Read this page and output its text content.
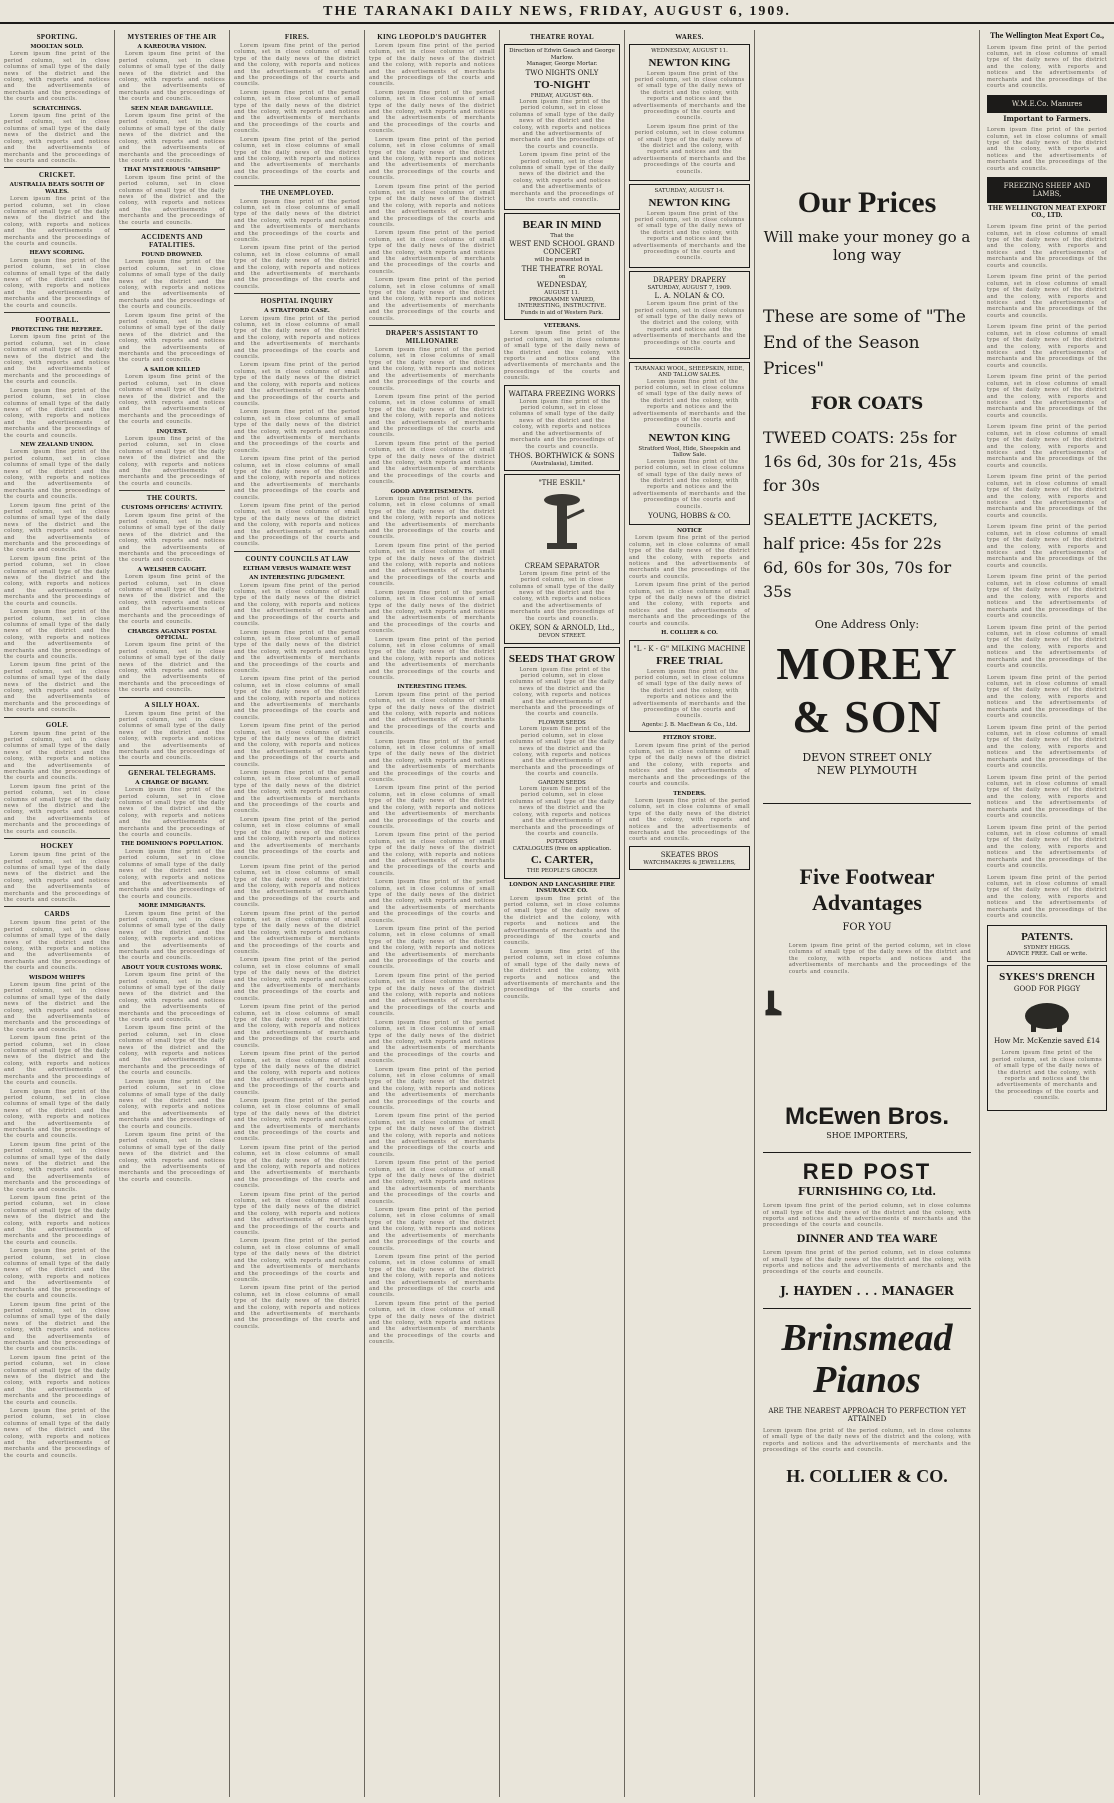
THE TARANAKI DAILY NEWS, FRIDAY, AUGUST 6, 1909.
SPORTING.
MOOLTAN SOLD.

Lorem ipsum fine print of the period column, set in close columns of small type of the daily news of the district and the colony, with reports and notices and the advertisements of merchants and the proceedings of the courts and councils.

SCRATCHINGS.

Lorem ipsum fine print of the period column, set in close columns of small type of the daily news of the district and the colony, with reports and notices and the advertisements of merchants and the proceedings of the courts and councils.

CRICKET.
AUSTRALIA BEATS SOUTH OF WALES.

Lorem ipsum fine print of the period column, set in close columns of small type of the daily news of the district and the colony, with reports and notices and the advertisements of merchants and the proceedings of the courts and councils.

HEAVY SCORING.

Lorem ipsum fine print of the period column, set in close columns of small type of the daily news of the district and the colony, with reports and notices and the advertisements of merchants and the proceedings of the courts and councils.

FOOTBALL.
PROTECTING THE REFEREE.

Lorem ipsum fine print of the period column, set in close columns of small type of the daily news of the district and the colony, with reports and notices and the advertisements of merchants and the proceedings of the courts and councils.

Lorem ipsum fine print of the period column, set in close columns of small type of the daily news of the district and the colony, with reports and notices and the advertisements of merchants and the proceedings of the courts and councils.

NEW ZEALAND UNION.

Lorem ipsum fine print of the period column, set in close columns of small type of the daily news of the district and the colony, with reports and notices and the advertisements of merchants and the proceedings of the courts and councils.

Lorem ipsum fine print of the period column, set in close columns of small type of the daily news of the district and the colony, with reports and notices and the advertisements of merchants and the proceedings of the courts and councils.

Lorem ipsum fine print of the period column, set in close columns of small type of the daily news of the district and the colony, with reports and notices and the advertisements of merchants and the proceedings of the courts and councils.

Lorem ipsum fine print of the period column, set in close columns of small type of the daily news of the district and the colony, with reports and notices and the advertisements of merchants and the proceedings of the courts and councils.

Lorem ipsum fine print of the period column, set in close columns of small type of the daily news of the district and the colony, with reports and notices and the advertisements of merchants and the proceedings of the courts and councils.

GOLF.

Lorem ipsum fine print of the period column, set in close columns of small type of the daily news of the district and the colony, with reports and notices and the advertisements of merchants and the proceedings of the courts and councils.

Lorem ipsum fine print of the period column, set in close columns of small type of the daily news of the district and the colony, with reports and notices and the advertisements of merchants and the proceedings of the courts and councils.

HOCKEY

Lorem ipsum fine print of the period column, set in close columns of small type of the daily news of the district and the colony, with reports and notices and the advertisements of merchants and the proceedings of the courts and councils.

CARDS

Lorem ipsum fine print of the period column, set in close columns of small type of the daily news of the district and the colony, with reports and notices and the advertisements of merchants and the proceedings of the courts and councils.

WISDOM WHIFFS

Lorem ipsum fine print of the period column, set in close columns of small type of the daily news of the district and the colony, with reports and notices and the advertisements of merchants and the proceedings of the courts and councils.

Lorem ipsum fine print of the period column, set in close columns of small type of the daily news of the district and the colony, with reports and notices and the advertisements of merchants and the proceedings of the courts and councils.

Lorem ipsum fine print of the period column, set in close columns of small type of the daily news of the district and the colony, with reports and notices and the advertisements of merchants and the proceedings of the courts and councils.

Lorem ipsum fine print of the period column, set in close columns of small type of the daily news of the district and the colony, with reports and notices and the advertisements of merchants and the proceedings of the courts and councils.

Lorem ipsum fine print of the period column, set in close columns of small type of the daily news of the district and the colony, with reports and notices and the advertisements of merchants and the proceedings of the courts and councils.

Lorem ipsum fine print of the period column, set in close columns of small type of the daily news of the district and the colony, with reports and notices and the advertisements of merchants and the proceedings of the courts and councils.

Lorem ipsum fine print of the period column, set in close columns of small type of the daily news of the district and the colony, with reports and notices and the advertisements of merchants and the proceedings of the courts and councils.

Lorem ipsum fine print of the period column, set in close columns of small type of the daily news of the district and the colony, with reports and notices and the advertisements of merchants and the proceedings of the courts and councils.

Lorem ipsum fine print of the period column, set in close columns of small type of the daily news of the district and the colony, with reports and notices and the advertisements of merchants and the proceedings of the courts and councils.

MYSTERIES OF THE AIR
A KAREOURA VISION.

Lorem ipsum fine print of the period column, set in close columns of small type of the daily news of the district and the colony, with reports and notices and the advertisements of merchants and the proceedings of the courts and councils.

SEEN NEAR DARGAVILLE.

Lorem ipsum fine print of the period column, set in close columns of small type of the daily news of the district and the colony, with reports and notices and the advertisements of merchants and the proceedings of the courts and councils.

THAT MYSTERIOUS "AIRSHIP"

Lorem ipsum fine print of the period column, set in close columns of small type of the daily news of the district and the colony, with reports and notices and the advertisements of merchants and the proceedings of the courts and councils.

ACCIDENTS AND FATALITIES.
FOUND DROWNED.

Lorem ipsum fine print of the period column, set in close columns of small type of the daily news of the district and the colony, with reports and notices and the advertisements of merchants and the proceedings of the courts and councils.

Lorem ipsum fine print of the period column, set in close columns of small type of the daily news of the district and the colony, with reports and notices and the advertisements of merchants and the proceedings of the courts and councils.

A SAILOR KILLED

Lorem ipsum fine print of the period column, set in close columns of small type of the daily news of the district and the colony, with reports and notices and the advertisements of merchants and the proceedings of the courts and councils.

INQUEST.

Lorem ipsum fine print of the period column, set in close columns of small type of the daily news of the district and the colony, with reports and notices and the advertisements of merchants and the proceedings of the courts and councils.

THE COURTS.
CUSTOMS OFFICERS' ACTIVITY.

Lorem ipsum fine print of the period column, set in close columns of small type of the daily news of the district and the colony, with reports and notices and the advertisements of merchants and the proceedings of the courts and councils.

A WELSHER CAUGHT.

Lorem ipsum fine print of the period column, set in close columns of small type of the daily news of the district and the colony, with reports and notices and the advertisements of merchants and the proceedings of the courts and councils.

CHARGES AGAINST POSTAL OFFICIAL.

Lorem ipsum fine print of the period column, set in close columns of small type of the daily news of the district and the colony, with reports and notices and the advertisements of merchants and the proceedings of the courts and councils.

A SILLY HOAX.

Lorem ipsum fine print of the period column, set in close columns of small type of the daily news of the district and the colony, with reports and notices and the advertisements of merchants and the proceedings of the courts and councils.

GENERAL TELEGRAMS.
A CHARGE OF BIGAMY.

Lorem ipsum fine print of the period column, set in close columns of small type of the daily news of the district and the colony, with reports and notices and the advertisements of merchants and the proceedings of the courts and councils.

THE DOMINION'S POPULATION.

Lorem ipsum fine print of the period column, set in close columns of small type of the daily news of the district and the colony, with reports and notices and the advertisements of merchants and the proceedings of the courts and councils.

MORE IMMIGRANTS.

Lorem ipsum fine print of the period column, set in close columns of small type of the daily news of the district and the colony, with reports and notices and the advertisements of merchants and the proceedings of the courts and councils.

ABOUT YOUR CUSTOMS WORK.

Lorem ipsum fine print of the period column, set in close columns of small type of the daily news of the district and the colony, with reports and notices and the advertisements of merchants and the proceedings of the courts and councils.

Lorem ipsum fine print of the period column, set in close columns of small type of the daily news of the district and the colony, with reports and notices and the advertisements of merchants and the proceedings of the courts and councils.

Lorem ipsum fine print of the period column, set in close columns of small type of the daily news of the district and the colony, with reports and notices and the advertisements of merchants and the proceedings of the courts and councils.

Lorem ipsum fine print of the period column, set in close columns of small type of the daily news of the district and the colony, with reports and notices and the advertisements of merchants and the proceedings of the courts and councils.

FIRES.

Lorem ipsum fine print of the period column, set in close columns of small type of the daily news of the district and the colony, with reports and notices and the advertisements of merchants and the proceedings of the courts and councils.

Lorem ipsum fine print of the period column, set in close columns of small type of the daily news of the district and the colony, with reports and notices and the advertisements of merchants and the proceedings of the courts and councils.

Lorem ipsum fine print of the period column, set in close columns of small type of the daily news of the district and the colony, with reports and notices and the advertisements of merchants and the proceedings of the courts and councils.

THE UNEMPLOYED.

Lorem ipsum fine print of the period column, set in close columns of small type of the daily news of the district and the colony, with reports and notices and the advertisements of merchants and the proceedings of the courts and councils.

Lorem ipsum fine print of the period column, set in close columns of small type of the daily news of the district and the colony, with reports and notices and the advertisements of merchants and the proceedings of the courts and councils.

HOSPITAL INQUIRY
A STRATFORD CASE.

Lorem ipsum fine print of the period column, set in close columns of small type of the daily news of the district and the colony, with reports and notices and the advertisements of merchants and the proceedings of the courts and councils.

Lorem ipsum fine print of the period column, set in close columns of small type of the daily news of the district and the colony, with reports and notices and the advertisements of merchants and the proceedings of the courts and councils.

Lorem ipsum fine print of the period column, set in close columns of small type of the daily news of the district and the colony, with reports and notices and the advertisements of merchants and the proceedings of the courts and councils.

Lorem ipsum fine print of the period column, set in close columns of small type of the daily news of the district and the colony, with reports and notices and the advertisements of merchants and the proceedings of the courts and councils.

Lorem ipsum fine print of the period column, set in close columns of small type of the daily news of the district and the colony, with reports and notices and the advertisements of merchants and the proceedings of the courts and councils.

COUNTY COUNCILS AT LAW
ELTHAM VERSUS WAIMATE WEST
AN INTERESTING JUDGMENT.

Lorem ipsum fine print of the period column, set in close columns of small type of the daily news of the district and the colony, with reports and notices and the advertisements of merchants and the proceedings of the courts and councils.

Lorem ipsum fine print of the period column, set in close columns of small type of the daily news of the district and the colony, with reports and notices and the advertisements of merchants and the proceedings of the courts and councils.

Lorem ipsum fine print of the period column, set in close columns of small type of the daily news of the district and the colony, with reports and notices and the advertisements of merchants and the proceedings of the courts and councils.

Lorem ipsum fine print of the period column, set in close columns of small type of the daily news of the district and the colony, with reports and notices and the advertisements of merchants and the proceedings of the courts and councils.

Lorem ipsum fine print of the period column, set in close columns of small type of the daily news of the district and the colony, with reports and notices and the advertisements of merchants and the proceedings of the courts and councils.

Lorem ipsum fine print of the period column, set in close columns of small type of the daily news of the district and the colony, with reports and notices and the advertisements of merchants and the proceedings of the courts and councils.

Lorem ipsum fine print of the period column, set in close columns of small type of the daily news of the district and the colony, with reports and notices and the advertisements of merchants and the proceedings of the courts and councils.

Lorem ipsum fine print of the period column, set in close columns of small type of the daily news of the district and the colony, with reports and notices and the advertisements of merchants and the proceedings of the courts and councils.

Lorem ipsum fine print of the period column, set in close columns of small type of the daily news of the district and the colony, with reports and notices and the advertisements of merchants and the proceedings of the courts and councils.

Lorem ipsum fine print of the period column, set in close columns of small type of the daily news of the district and the colony, with reports and notices and the advertisements of merchants and the proceedings of the courts and councils.

Lorem ipsum fine print of the period column, set in close columns of small type of the daily news of the district and the colony, with reports and notices and the advertisements of merchants and the proceedings of the courts and councils.

Lorem ipsum fine print of the period column, set in close columns of small type of the daily news of the district and the colony, with reports and notices and the advertisements of merchants and the proceedings of the courts and councils.

Lorem ipsum fine print of the period column, set in close columns of small type of the daily news of the district and the colony, with reports and notices and the advertisements of merchants and the proceedings of the courts and councils.

Lorem ipsum fine print of the period column, set in close columns of small type of the daily news of the district and the colony, with reports and notices and the advertisements of merchants and the proceedings of the courts and councils.

Lorem ipsum fine print of the period column, set in close columns of small type of the daily news of the district and the colony, with reports and notices and the advertisements of merchants and the proceedings of the courts and councils.

Lorem ipsum fine print of the period column, set in close columns of small type of the daily news of the district and the colony, with reports and notices and the advertisements of merchants and the proceedings of the courts and councils.

KING LEOPOLD'S DAUGHTER

Lorem ipsum fine print of the period column, set in close columns of small type of the daily news of the district and the colony, with reports and notices and the advertisements of merchants and the proceedings of the courts and councils.

Lorem ipsum fine print of the period column, set in close columns of small type of the daily news of the district and the colony, with reports and notices and the advertisements of merchants and the proceedings of the courts and councils.

Lorem ipsum fine print of the period column, set in close columns of small type of the daily news of the district and the colony, with reports and notices and the advertisements of merchants and the proceedings of the courts and councils.

Lorem ipsum fine print of the period column, set in close columns of small type of the daily news of the district and the colony, with reports and notices and the advertisements of merchants and the proceedings of the courts and councils.

Lorem ipsum fine print of the period column, set in close columns of small type of the daily news of the district and the colony, with reports and notices and the advertisements of merchants and the proceedings of the courts and councils.

Lorem ipsum fine print of the period column, set in close columns of small type of the daily news of the district and the colony, with reports and notices and the advertisements of merchants and the proceedings of the courts and councils.

DRAPER'S ASSISTANT TO MILLIONAIRE

Lorem ipsum fine print of the period column, set in close columns of small type of the daily news of the district and the colony, with reports and notices and the advertisements of merchants and the proceedings of the courts and councils.

Lorem ipsum fine print of the period column, set in close columns of small type of the daily news of the district and the colony, with reports and notices and the advertisements of merchants and the proceedings of the courts and councils.

Lorem ipsum fine print of the period column, set in close columns of small type of the daily news of the district and the colony, with reports and notices and the advertisements of merchants and the proceedings of the courts and councils.

GOOD ADVERTISEMENTS.

Lorem ipsum fine print of the period column, set in close columns of small type of the daily news of the district and the colony, with reports and notices and the advertisements of merchants and the proceedings of the courts and councils.

Lorem ipsum fine print of the period column, set in close columns of small type of the daily news of the district and the colony, with reports and notices and the advertisements of merchants and the proceedings of the courts and councils.

Lorem ipsum fine print of the period column, set in close columns of small type of the daily news of the district and the colony, with reports and notices and the advertisements of merchants and the proceedings of the courts and councils.

Lorem ipsum fine print of the period column, set in close columns of small type of the daily news of the district and the colony, with reports and notices and the advertisements of merchants and the proceedings of the courts and councils.

INTERESTING ITEMS.

Lorem ipsum fine print of the period column, set in close columns of small type of the daily news of the district and the colony, with reports and notices and the advertisements of merchants and the proceedings of the courts and councils.

Lorem ipsum fine print of the period column, set in close columns of small type of the daily news of the district and the colony, with reports and notices and the advertisements of merchants and the proceedings of the courts and councils.

Lorem ipsum fine print of the period column, set in close columns of small type of the daily news of the district and the colony, with reports and notices and the advertisements of merchants and the proceedings of the courts and councils.

Lorem ipsum fine print of the period column, set in close columns of small type of the daily news of the district and the colony, with reports and notices and the advertisements of merchants and the proceedings of the courts and councils.

Lorem ipsum fine print of the period column, set in close columns of small type of the daily news of the district and the colony, with reports and notices and the advertisements of merchants and the proceedings of the courts and councils.

Lorem ipsum fine print of the period column, set in close columns of small type of the daily news of the district and the colony, with reports and notices and the advertisements of merchants and the proceedings of the courts and councils.

Lorem ipsum fine print of the period column, set in close columns of small type of the daily news of the district and the colony, with reports and notices and the advertisements of merchants and the proceedings of the courts and councils.

Lorem ipsum fine print of the period column, set in close columns of small type of the daily news of the district and the colony, with reports and notices and the advertisements of merchants and the proceedings of the courts and councils.

Lorem ipsum fine print of the period column, set in close columns of small type of the daily news of the district and the colony, with reports and notices and the advertisements of merchants and the proceedings of the courts and councils.

Lorem ipsum fine print of the period column, set in close columns of small type of the daily news of the district and the colony, with reports and notices and the advertisements of merchants and the proceedings of the courts and councils.

Lorem ipsum fine print of the period column, set in close columns of small type of the daily news of the district and the colony, with reports and notices and the advertisements of merchants and the proceedings of the courts and councils.

Lorem ipsum fine print of the period column, set in close columns of small type of the daily news of the district and the colony, with reports and notices and the advertisements of merchants and the proceedings of the courts and councils.

Lorem ipsum fine print of the period column, set in close columns of small type of the daily news of the district and the colony, with reports and notices and the advertisements of merchants and the proceedings of the courts and councils.

Lorem ipsum fine print of the period column, set in close columns of small type of the daily news of the district and the colony, with reports and notices and the advertisements of merchants and the proceedings of the courts and councils.

THEATRE ROYAL
Direction of Edwin Geach and George Marlow.
Manager, George Mortar.
TWO NIGHTS ONLY
TO-NIGHT
FRIDAY, AUGUST 6th.

Lorem ipsum fine print of the period column, set in close columns of small type of the daily news of the district and the colony, with reports and notices and the advertisements of merchants and the proceedings of the courts and councils.

Lorem ipsum fine print of the period column, set in close columns of small type of the daily news of the district and the colony, with reports and notices and the advertisements of merchants and the proceedings of the courts and councils.

BEAR IN MIND
That the
WEST END SCHOOL GRAND CONCERT
will be presented in
THE THEATRE ROYAL
on
WEDNESDAY,
AUGUST 11.
PROGRAMME VARIED, INTERESTING, INSTRUCTIVE.
Funds in aid of Western Park.
VETERANS.

Lorem ipsum fine print of the period column, set in close columns of small type of the daily news of the district and the colony, with reports and notices and the advertisements of merchants and the proceedings of the courts and councils.

WAITARA FREEZING WORKS

Lorem ipsum fine print of the period column, set in close columns of small type of the daily news of the district and the colony, with reports and notices and the advertisements of merchants and the proceedings of the courts and councils.

THOS. BORTHWICK & SONS
(Australasia), Limited.
"THE ESKIL"
CREAM SEPARATOR

Lorem ipsum fine print of the period column, set in close columns of small type of the daily news of the district and the colony, with reports and notices and the advertisements of merchants and the proceedings of the courts and councils.

OKEY, SON & ARNOLD, Ltd.,
DEVON STREET.
SEEDS THAT GROW

Lorem ipsum fine print of the period column, set in close columns of small type of the daily news of the district and the colony, with reports and notices and the advertisements of merchants and the proceedings of the courts and councils.

FLOWER SEEDS

Lorem ipsum fine print of the period column, set in close columns of small type of the daily news of the district and the colony, with reports and notices and the advertisements of merchants and the proceedings of the courts and councils.

GARDEN SEEDS

Lorem ipsum fine print of the period column, set in close columns of small type of the daily news of the district and the colony, with reports and notices and the advertisements of merchants and the proceedings of the courts and councils.

POTATOES
CATALOGUES (free on application.
C. CARTER,
THE PEOPLE'S GROCER
LONDON AND LANCASHIRE FIRE INSURANCE CO.

Lorem ipsum fine print of the period column, set in close columns of small type of the daily news of the district and the colony, with reports and notices and the advertisements of merchants and the proceedings of the courts and councils.

Lorem ipsum fine print of the period column, set in close columns of small type of the daily news of the district and the colony, with reports and notices and the advertisements of merchants and the proceedings of the courts and councils.

WARES.
WEDNESDAY, AUGUST 11.
NEWTON KING

Lorem ipsum fine print of the period column, set in close columns of small type of the daily news of the district and the colony, with reports and notices and the advertisements of merchants and the proceedings of the courts and councils.

Lorem ipsum fine print of the period column, set in close columns of small type of the daily news of the district and the colony, with reports and notices and the advertisements of merchants and the proceedings of the courts and councils.

SATURDAY, AUGUST 14.
NEWTON KING

Lorem ipsum fine print of the period column, set in close columns of small type of the daily news of the district and the colony, with reports and notices and the advertisements of merchants and the proceedings of the courts and councils.

DRAPERY DRAPERY
SATURDAY, AUGUST 7, 1909.
L. A. NOLAN & CO.

Lorem ipsum fine print of the period column, set in close columns of small type of the daily news of the district and the colony, with reports and notices and the advertisements of merchants and the proceedings of the courts and councils.

TARANAKI WOOL, SHEEPSKIN, HIDE, AND TALLOW SALES.

Lorem ipsum fine print of the period column, set in close columns of small type of the daily news of the district and the colony, with reports and notices and the advertisements of merchants and the proceedings of the courts and councils.

NEWTON KING
Stratford Wool, Hide, Sheepskin and Tallow Sale.

Lorem ipsum fine print of the period column, set in close columns of small type of the daily news of the district and the colony, with reports and notices and the advertisements of merchants and the proceedings of the courts and councils.

YOUNG, HOBBS & CO.
NOTICE

Lorem ipsum fine print of the period column, set in close columns of small type of the daily news of the district and the colony, with reports and notices and the advertisements of merchants and the proceedings of the courts and councils.

Lorem ipsum fine print of the period column, set in close columns of small type of the daily news of the district and the colony, with reports and notices and the advertisements of merchants and the proceedings of the courts and councils.

H. COLLIER & CO.
"L - K - G" MILKING MACHINE
FREE TRIAL

Lorem ipsum fine print of the period column, set in close columns of small type of the daily news of the district and the colony, with reports and notices and the advertisements of merchants and the proceedings of the courts and councils.

Agents: J. B. MacEwan & Co., Ltd.
FITZROY STORE.

Lorem ipsum fine print of the period column, set in close columns of small type of the daily news of the district and the colony, with reports and notices and the advertisements of merchants and the proceedings of the courts and councils.

TENDERS.

Lorem ipsum fine print of the period column, set in close columns of small type of the daily news of the district and the colony, with reports and notices and the advertisements of merchants and the proceedings of the courts and councils.

SKEATES BROS
WATCHMAKERS & JEWELLERS,
Our Prices
Will make your money go a long way
These are some of "The End of the Season Prices"
FOR COATS
TWEED COATS: 25s for 16s 6d, 30s for 21s, 45s for 30s
SEALETTE JACKETS, half price: 45s for 22s 6d, 60s for 30s, 70s for 35s
One Address Only:
MOREY & SON
DEVON STREET ONLY
NEW PLYMOUTH
Five Footwear Advantages
FOR YOU

Lorem ipsum fine print of the period column, set in close columns of small type of the daily news of the district and the colony, with reports and notices and the advertisements of merchants and the proceedings of the courts and councils.

McEwen Bros.
SHOE IMPORTERS,
RED POST
FURNISHING CO, Ltd.

Lorem ipsum fine print of the period column, set in close columns of small type of the daily news of the district and the colony, with reports and notices and the advertisements of merchants and the proceedings of the courts and councils.

DINNER AND TEA WARE

Lorem ipsum fine print of the period column, set in close columns of small type of the daily news of the district and the colony, with reports and notices and the advertisements of merchants and the proceedings of the courts and councils.

J. HAYDEN . . . MANAGER
Brinsmead Pianos
ARE THE NEAREST APPROACH TO PERFECTION YET ATTAINED

Lorem ipsum fine print of the period column, set in close columns of small type of the daily news of the district and the colony, with reports and notices and the advertisements of merchants and the proceedings of the courts and councils.

H. COLLIER & CO.
The Wellington Meat Export Co.,

Lorem ipsum fine print of the period column, set in close columns of small type of the daily news of the district and the colony, with reports and notices and the advertisements of merchants and the proceedings of the courts and councils.

W.M.E.Co. Manures
Important to Farmers.

Lorem ipsum fine print of the period column, set in close columns of small type of the daily news of the district and the colony, with reports and notices and the advertisements of merchants and the proceedings of the courts and councils.

FREEZING SHEEP AND LAMBS,
THE WELLINGTON MEAT EXPORT CO., LTD.

Lorem ipsum fine print of the period column, set in close columns of small type of the daily news of the district and the colony, with reports and notices and the advertisements of merchants and the proceedings of the courts and councils.

Lorem ipsum fine print of the period column, set in close columns of small type of the daily news of the district and the colony, with reports and notices and the advertisements of merchants and the proceedings of the courts and councils.

Lorem ipsum fine print of the period column, set in close columns of small type of the daily news of the district and the colony, with reports and notices and the advertisements of merchants and the proceedings of the courts and councils.

Lorem ipsum fine print of the period column, set in close columns of small type of the daily news of the district and the colony, with reports and notices and the advertisements of merchants and the proceedings of the courts and councils.

Lorem ipsum fine print of the period column, set in close columns of small type of the daily news of the district and the colony, with reports and notices and the advertisements of merchants and the proceedings of the courts and councils.

Lorem ipsum fine print of the period column, set in close columns of small type of the daily news of the district and the colony, with reports and notices and the advertisements of merchants and the proceedings of the courts and councils.

Lorem ipsum fine print of the period column, set in close columns of small type of the daily news of the district and the colony, with reports and notices and the advertisements of merchants and the proceedings of the courts and councils.

Lorem ipsum fine print of the period column, set in close columns of small type of the daily news of the district and the colony, with reports and notices and the advertisements of merchants and the proceedings of the courts and councils.

Lorem ipsum fine print of the period column, set in close columns of small type of the daily news of the district and the colony, with reports and notices and the advertisements of merchants and the proceedings of the courts and councils.

Lorem ipsum fine print of the period column, set in close columns of small type of the daily news of the district and the colony, with reports and notices and the advertisements of merchants and the proceedings of the courts and councils.

Lorem ipsum fine print of the period column, set in close columns of small type of the daily news of the district and the colony, with reports and notices and the advertisements of merchants and the proceedings of the courts and councils.

Lorem ipsum fine print of the period column, set in close columns of small type of the daily news of the district and the colony, with reports and notices and the advertisements of merchants and the proceedings of the courts and councils.

Lorem ipsum fine print of the period column, set in close columns of small type of the daily news of the district and the colony, with reports and notices and the advertisements of merchants and the proceedings of the courts and councils.

Lorem ipsum fine print of the period column, set in close columns of small type of the daily news of the district and the colony, with reports and notices and the advertisements of merchants and the proceedings of the courts and councils.

PATENTS.
SYDNEY HIGGS.
ADVICE FREE. Call or write.
SYKES'S DRENCH
GOOD FOR PIGGY
How Mr. McKenzie saved £14

Lorem ipsum fine print of the period column, set in close columns of small type of the daily news of the district and the colony, with reports and notices and the advertisements of merchants and the proceedings of the courts and councils.
